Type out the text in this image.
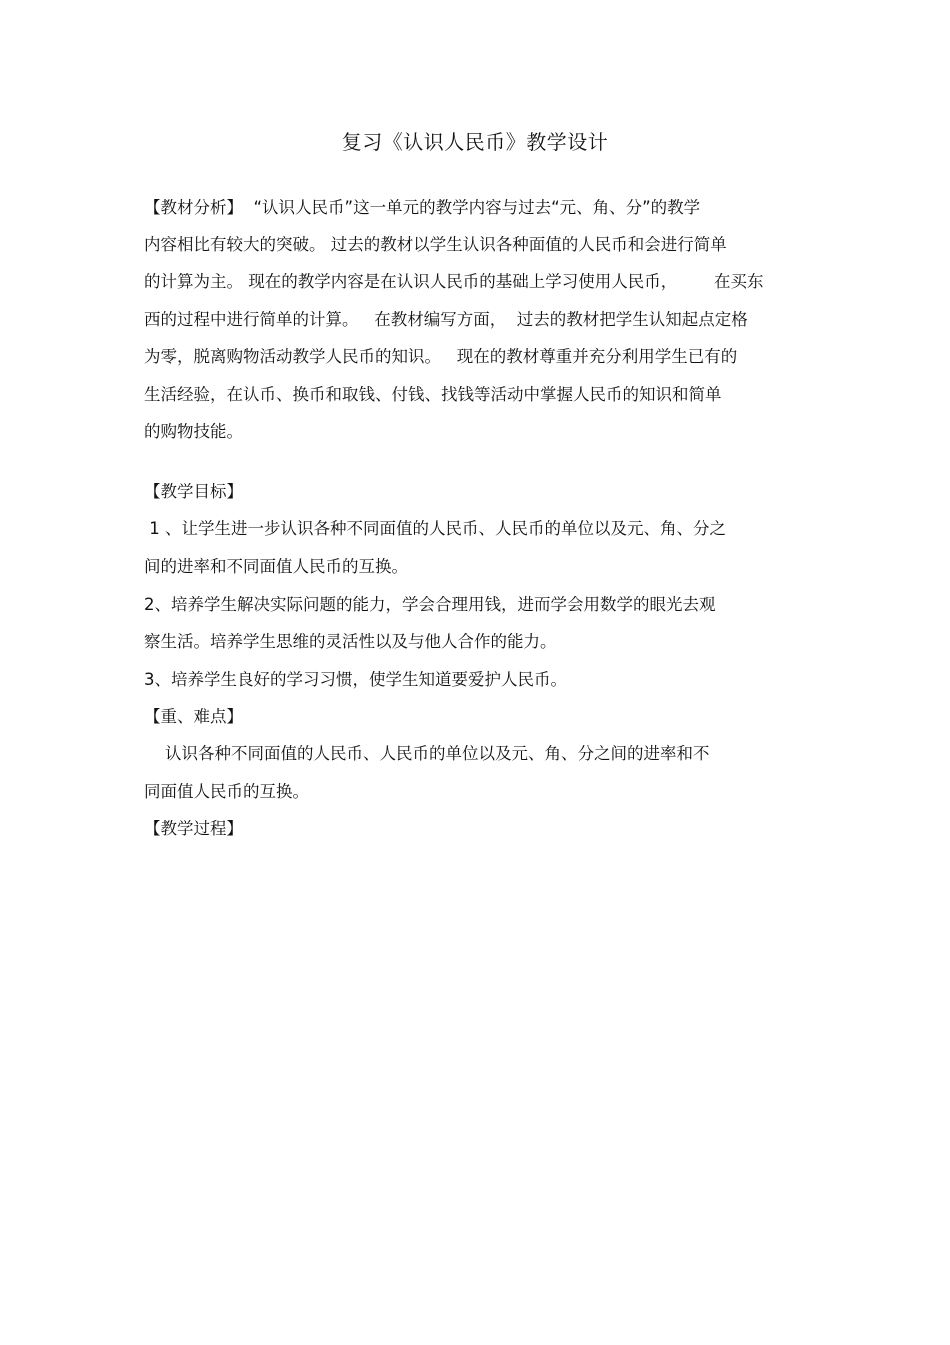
复习《认识人民币》教学设计

【教材分析】  “认识人民币”这一单元的教学内容与过去“元、角、分”的教学

内容相比有较大的突破。 过去的教材以学生认识各种面值的人民币和会进行简单

的计算为主。 现在的教学内容是在认识人民币的基础上学习使用人民币，       在买东

西的过程中进行简单的计算。   在教材编写方面，  过去的教材把学生认知起点定格

为零，脱离购物活动教学人民币的知识。   现在的教材尊重并充分利用学生已有的

生活经验，在认币、换币和取钱、付钱、找钱等活动中掌握人民币的知识和简单

的购物技能。

【教学目标】

1 、让学生进一步认识各种不同面值的人民币、人民币的单位以及元、角、分之

间的进率和不同面值人民币的互换。

2、培养学生解决实际问题的能力，学会合理用钱，进而学会用数学的眼光去观

察生活。培养学生思维的灵活性以及与他人合作的能力。

3、培养学生良好的学习习惯，使学生知道要爱护人民币。

【重、难点】

认识各种不同面值的人民币、人民币的单位以及元、角、分之间的进率和不

同面值人民币的互换。

【教学过程】
